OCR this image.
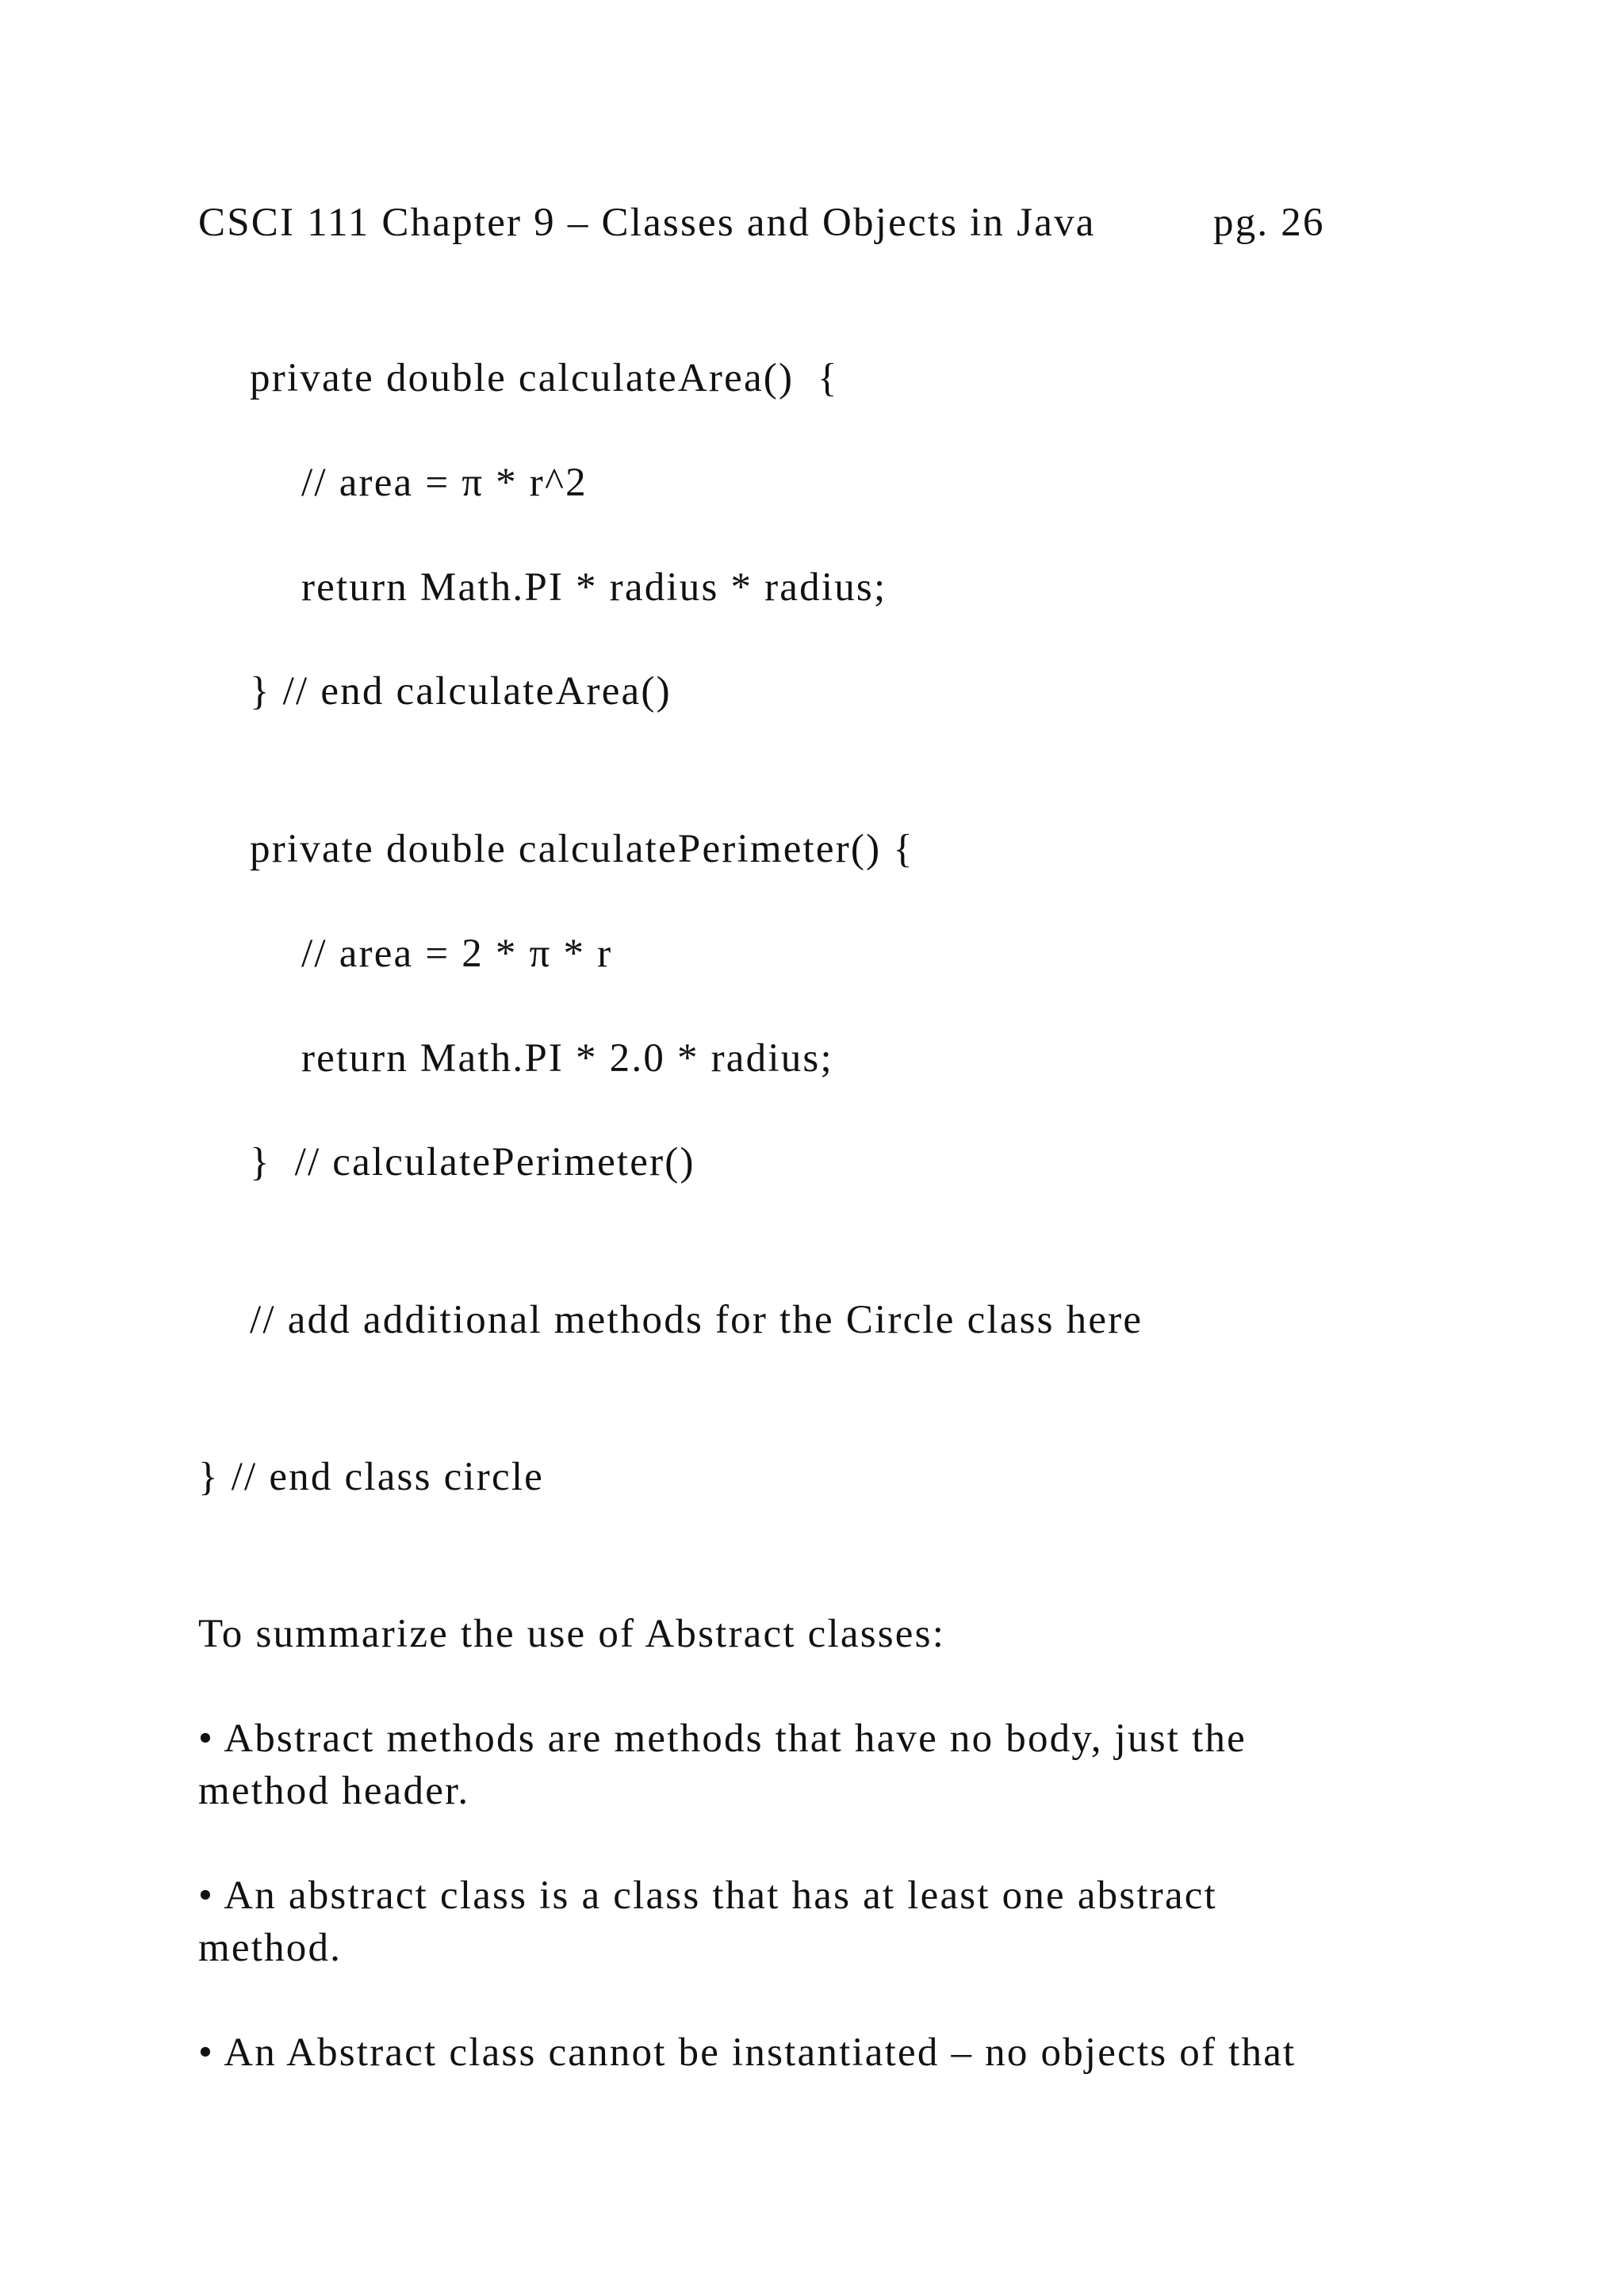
CSCI 111 Chapter 9 – Classes and Objects in Java	pg. 26
private double calculateArea()  {
// area = π * r^2
return Math.PI * radius * radius;
} // end calculateArea()
private double calculatePerimeter() {
// area = 2 * π * r
return Math.PI * 2.0 * radius;
}  // calculatePerimeter()
// add additional methods for the Circle class here
} // end class circle
To summarize the use of Abstract classes:
• Abstract methods are methods that have no body, just the
method header.
• An abstract class is a class that has at least one abstract
method.
• An Abstract class cannot be instantiated – no objects of that
